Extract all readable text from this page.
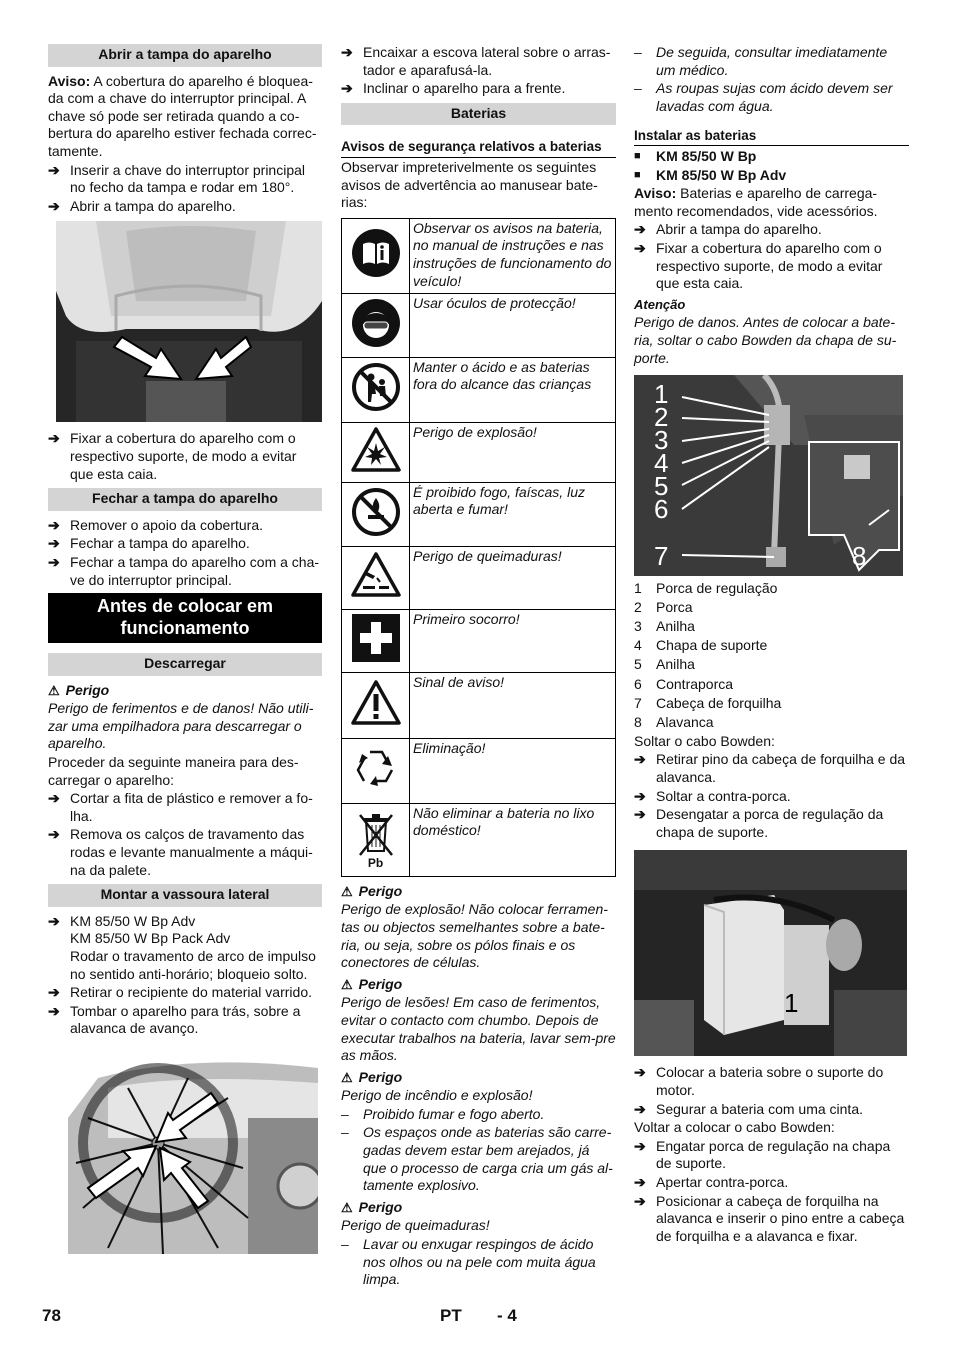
Abrir a tampa do aparelho
Aviso: A cobertura do aparelho é bloquea-da com a chave do interruptor principal. A chave só pode ser retirada quando a co-bertura do aparelho estiver fechada correc-tamente.
➔ Inserir a chave do interruptor principal no fecho da tampa e rodar em 180°.
➔ Abrir a tampa do aparelho.
➔ Fixar a cobertura do aparelho com o respectivo suporte, de modo a evitar que esta caia.
Fechar a tampa do aparelho
➔ Remover o apoio da cobertura.
➔ Fechar a tampa do aparelho.
➔ Fechar a tampa do aparelho com a cha-ve do interruptor principal.
Antes de colocar em funcionamento
Descarregar
⚠ Perigo
Perigo de ferimentos e de danos! Não utili-zar uma empilhadora para descarregar o aparelho.
Proceder da seguinte maneira para des-carregar o aparelho:
➔ Cortar a fita de plástico e remover a fo-lha.
➔ Remova os calços de travamento das rodas e levante manualmente a máqui-na da palete.
Montar a vassoura lateral
➔ KM 85/50 W Bp Adv
KM 85/50 W Bp Pack Adv
Rodar o travamento de arco de impulso no sentido anti-horário; bloqueio solto.
➔ Retirar o recipiente do material varrido.
➔ Tombar o aparelho para trás, sobre a alavanca de avanço.
➔ Encaixar a escova lateral sobre o arras-tador e aparafusá-la.
➔ Inclinar o aparelho para a frente.
Baterias
Avisos de segurança relativos a baterias
Observar impreterivelmente os seguintes avisos de advertência ao manusear bate-rias:
	Observar os avisos na bateria, no manual de instruções e nas instruções de funcionamento do veículo!
	Usar óculos de protecção!
	Manter o ácido e as baterias fora do alcance das crianças
	Perigo de explosão!
	É proibido fogo, faíscas, luz aberta e fumar!
	Perigo de queimaduras!
	Primeiro socorro!
	Sinal de aviso!
	Eliminação!

Pb	Não eliminar a bateria no lixo doméstico!
⚠ Perigo
Perigo de explosão! Não colocar ferramen-tas ou objectos semelhantes sobre a bate-ria, ou seja, sobre os pólos finais e os conectores de células.
⚠ Perigo
Perigo de lesões! Em caso de ferimentos, evitar o contacto com chumbo. Depois de executar trabalhos na bateria, lavar sem-pre as mãos.
⚠ Perigo
Perigo de incêndio e explosão!
–	Proibido fumar e fogo aberto.
–	Os espaços onde as baterias são carre-gadas devem estar bem arejados, já que o processo de carga cria um gás al-tamente explosivo.
⚠ Perigo
Perigo de queimaduras!
–	Lavar ou enxugar respingos de ácido nos olhos ou na pele com muita água limpa.
–	De seguida, consultar imediatamente um médico.
–	As roupas sujas com ácido devem ser lavadas com água.
Instalar as baterias
■	KM 85/50 W Bp
■	KM 85/50 W Bp Adv
Aviso: Baterias e aparelho de carrega-mento recomendados, vide acessórios.
➔ Abrir a tampa do aparelho.
➔ Fixar a cobertura do aparelho com o respectivo suporte, de modo a evitar que esta caia.
Atenção
Perigo de danos. Antes de colocar a bate-ria, soltar o cabo Bowden da chapa de su-porte.
1
2
3
4
5
6
7	8
1	Porca de regulação
2	Porca
3	Anilha
4	Chapa de suporte
5	Anilha
6	Contraporca
7	Cabeça de forquilha
8	Alavanca
Soltar o cabo Bowden:
➔ Retirar pino da cabeça de forquilha e da alavanca.
➔ Soltar a contra-porca.
➔ Desengatar a porca de regulação da chapa de suporte.
1
➔ Colocar a bateria sobre o suporte do motor.
➔ Segurar a bateria com uma cinta.
Voltar a colocar o cabo Bowden:
➔ Engatar porca de regulação na chapa de suporte.
➔ Apertar contra-porca.
➔ Posicionar a cabeça de forquilha na alavanca e inserir o pino entre a cabeça de forquilha e a alavanca e fixar.
78	PT - 4
